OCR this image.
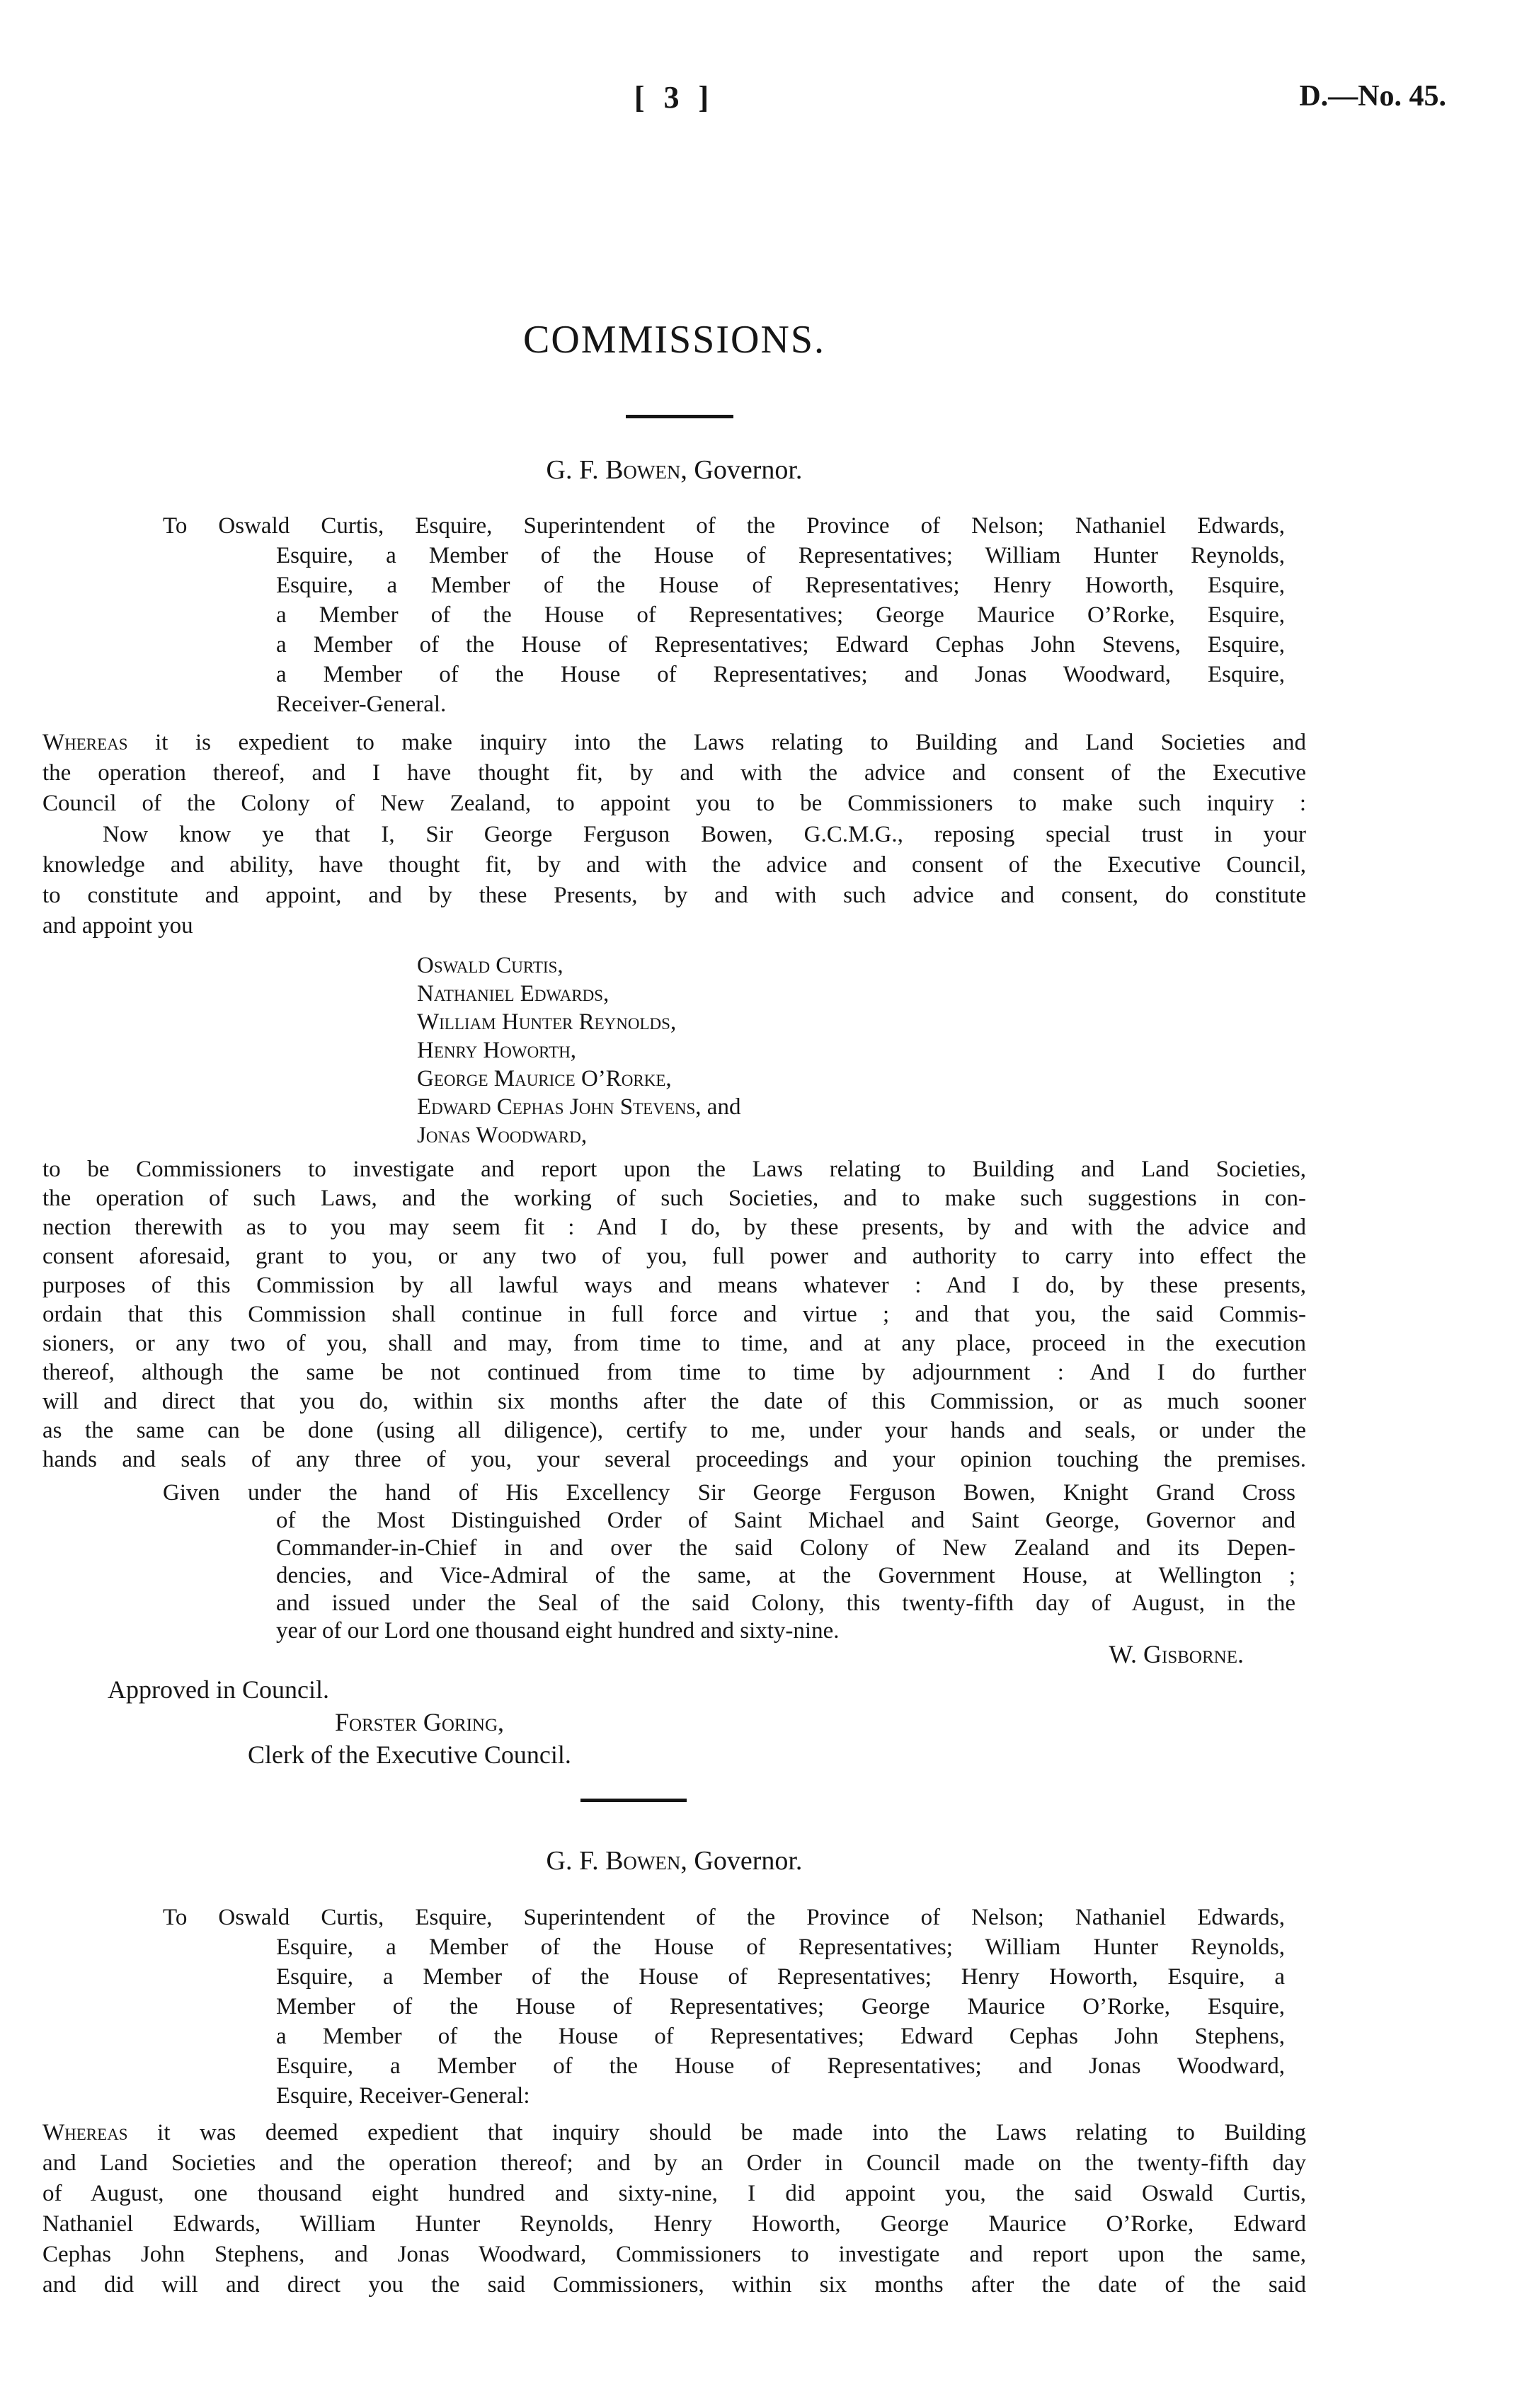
[ 3 ]	D.—No. 45.
COMMISSIONS.
G. F. Bowen, Governor.
To Oswald Curtis, Esquire, Superintendent of the Province of Nelson; Nathaniel Edwards,
Esquire, a Member of the House of Representatives; William Hunter Reynolds,
Esquire, a Member of the House of Representatives; Henry Howorth, Esquire,
a Member of the House of Representatives; George Maurice O’Rorke, Esquire,
a Member of the House of Representatives; Edward Cephas John Stevens, Esquire,
a Member of the House of Representatives; and Jonas Woodward, Esquire,
Receiver-General.
Whereas it is expedient to make inquiry into the Laws relating to Building and Land Societies and
the operation thereof, and I have thought fit, by and with the advice and consent of the Executive
Council of the Colony of New Zealand, to appoint you to be Commissioners to make such inquiry :
Now know ye that I, Sir George Ferguson Bowen, G.C.M.G., reposing special trust in your
knowledge and ability, have thought fit, by and with the advice and consent of the Executive Council,
to constitute and appoint, and by these Presents, by and with such advice and consent, do constitute
and appoint you
Oswald Curtis,
Nathaniel Edwards,
William Hunter Reynolds,
Henry Howorth,
George Maurice O’Rorke,
Edward Cephas John Stevens, and
Jonas Woodward,
to be Commissioners to investigate and report upon the Laws relating to Building and Land Societies,
the operation of such Laws, and the working of such Societies, and to make such suggestions in con-
nection therewith as to you may seem fit : And I do, by these presents, by and with the advice and
consent aforesaid, grant to you, or any two of you, full power and authority to carry into effect the
purposes of this Commission by all lawful ways and means whatever : And I do, by these presents,
ordain that this Commission shall continue in full force and virtue ; and that you, the said Commis-
sioners, or any two of you, shall and may, from time to time, and at any place, proceed in the execution
thereof, although the same be not continued from time to time by adjournment : And I do further
will and direct that you do, within six months after the date of this Commission, or as much sooner
as the same can be done (using all diligence), certify to me, under your hands and seals, or under the
hands and seals of any three of you, your several proceedings and your opinion touching the premises.
Given under the hand of His Excellency Sir George Ferguson Bowen, Knight Grand Cross
of the Most Distinguished Order of Saint Michael and Saint George, Governor and
Commander-in-Chief in and over the said Colony of New Zealand and its Depen-
dencies, and Vice-Admiral of the same, at the Government House, at Wellington ;
and issued under the Seal of the said Colony, this twenty-fifth day of August, in the
year of our Lord one thousand eight hundred and sixty-nine.
W. Gisborne.
Approved in Council.
Forster Goring,
Clerk of the Executive Council.
G. F. Bowen, Governor.
To Oswald Curtis, Esquire, Superintendent of the Province of Nelson; Nathaniel Edwards,
Esquire, a Member of the House of Representatives; William Hunter Reynolds,
Esquire, a Member of the House of Representatives; Henry Howorth, Esquire, a
Member of the House of Representatives; George Maurice O’Rorke, Esquire,
a Member of the House of Representatives; Edward Cephas John Stephens,
Esquire, a Member of the House of Representatives; and Jonas Woodward,
Esquire, Receiver-General:
Whereas it was deemed expedient that inquiry should be made into the Laws relating to Building
and Land Societies and the operation thereof; and by an Order in Council made on the twenty-fifth day
of August, one thousand eight hundred and sixty-nine, I did appoint you, the said Oswald Curtis,
Nathaniel Edwards, William Hunter Reynolds, Henry Howorth, George Maurice O’Rorke, Edward
Cephas John Stephens, and Jonas Woodward, Commissioners to investigate and report upon the same,
and did will and direct you the said Commissioners, within six months after the date of the said
